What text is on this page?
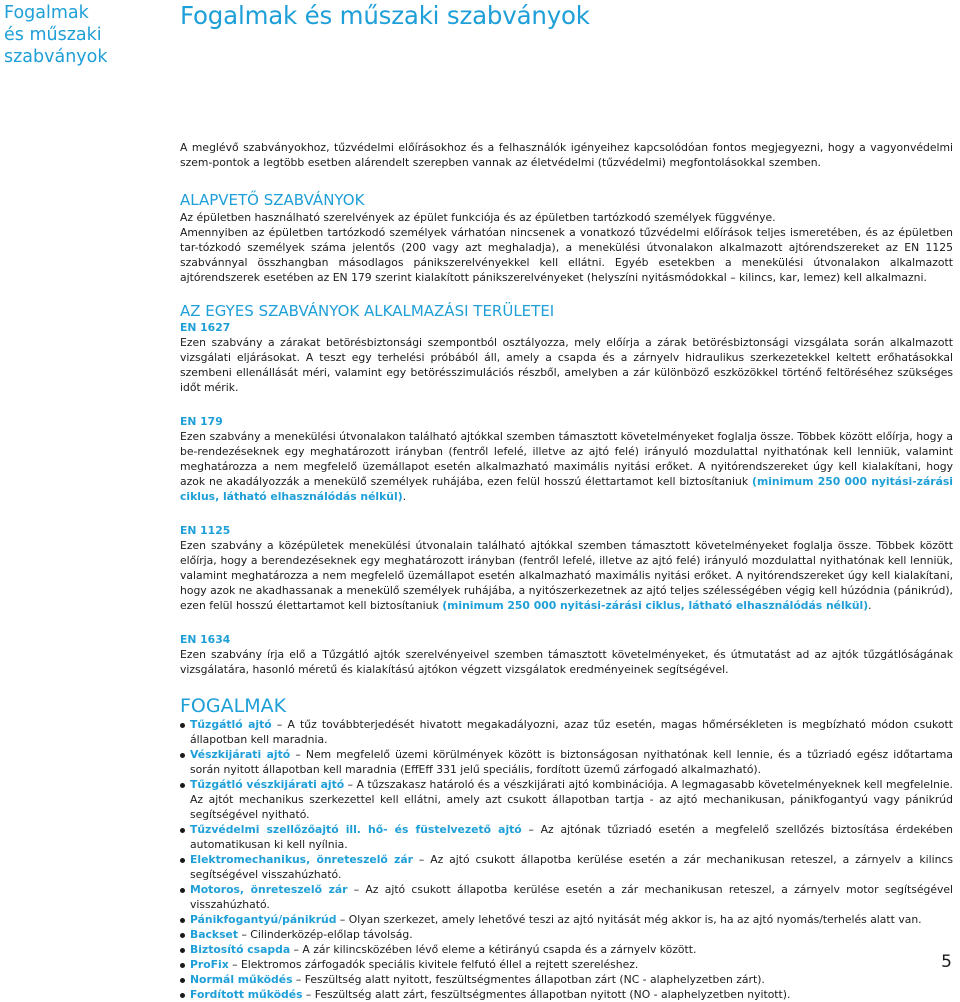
Fogalmak
és műszaki
szabványok
Fogalmak és műszaki szabványok

A meglévő szabványokhoz, tűzvédelmi előírásokhoz és a felhasználók igényeihez kapcsolódóan fontos megjegyezni, hogy a vagyonvédelmi szem-pontok a legtöbb esetben alárendelt szerepben vannak az életvédelmi (tűzvédelmi) megfontolásokkal szemben.

ALAPVETŐ SZABVÁNYOK

Az épületben használható szerelvények az épület funkciója és az épületben tartózkodó személyek függvénye.

Amennyiben az épületben tartózkodó személyek várhatóan nincsenek a vonatkozó tűzvédelmi előírások teljes ismeretében, és az épületben tar-tózkodó személyek száma jelentős (200 vagy azt meghaladja), a menekülési útvonalakon alkalmazott ajtórendszereket az EN 1125 szabvánnyal összhangban másodlagos pánikszerelvényekkel kell ellátni. Egyéb esetekben a menekülési útvonalakon alkalmazott ajtórendszerek esetében az EN 179 szerint kialakított pánikszerelvényeket (helyszíni nyitásmódokkal – kilincs, kar, lemez) kell alkalmazni.

AZ EGYES SZABVÁNYOK ALKALMAZÁSI TERÜLETEI
EN 1627

Ezen szabvány a zárakat betörésbiztonsági szempontból osztályozza, mely előírja a zárak betörésbiztonsági vizsgálata során alkalmazott vizsgálati eljárásokat. A teszt egy terhelési próbából áll, amely a csapda és a zárnyelv hidraulikus szerkezetekkel keltett erőhatásokkal szembeni ellenállását méri, valamint egy betörésszimulációs részből, amelyben a zár különböző eszközökkel történő feltöréséhez szükséges időt mérik.

EN 179

Ezen szabvány a menekülési útvonalakon található ajtókkal szemben támasztott követelményeket foglalja össze. Többek között előírja, hogy a be-rendezéseknek egy meghatározott irányban (fentről lefelé, illetve az ajtó felé) irányuló mozdulattal nyithatónak kell lenniük, valamint meghatározza a nem megfelelő üzemállapot esetén alkalmazható maximális nyitási erőket. A nyitórendszereket úgy kell kialakítani, hogy azok ne akadályozzák a menekülő személyek ruhájába, ezen felül hosszú élettartamot kell biztosítaniuk (minimum 250 000 nyitási-zárási ciklus, látható elhasználódás nélkül).

EN 1125

Ezen szabvány a középületek menekülési útvonalain található ajtókkal szemben támasztott követelményeket foglalja össze. Többek között előírja, hogy a berendezéseknek egy meghatározott irányban (fentről lefelé, illetve az ajtó felé) irányuló mozdulattal nyithatónak kell lenniük, valamint meghatározza a nem megfelelő üzemállapot esetén alkalmazható maximális nyitási erőket. A nyitórendszereket úgy kell kialakítani, hogy azok ne akadhassanak a menekülő személyek ruhájába, a nyitószerkezetnek az ajtó teljes szélességében végig kell húzódnia (pánikrúd), ezen felül hosszú élettartamot kell biztosítaniuk (minimum 250 000 nyitási-zárási ciklus, látható elhasználódás nélkül).

EN 1634

Ezen szabvány írja elő a Tűzgátló ajtók szerelvényeivel szemben támasztott követelményeket, és útmutatást ad az ajtók tűzgátlóságának vizsgálatára, hasonló méretű és kialakítású ajtókon végzett vizsgálatok eredményeinek segítségével.

FOGALMAK
Tűzgátló ajtó – A tűz továbbterjedését hivatott megakadályozni, azaz tűz esetén, magas hőmérsékleten is megbízható módon csukott állapotban kell maradnia.
Vészkijárati ajtó – Nem megfelelő üzemi körülmények között is biztonságosan nyithatónak kell lennie, és a tűzriadó egész időtartama során nyitott állapotban kell maradnia (EffEff 331 jelű speciális, fordított üzemű zárfogadó alkalmazható).
Tűzgátló vészkijárati ajtó – A tűzszakasz határoló és a vészkijárati ajtó kombinációja. A legmagasabb követelményeknek kell megfelelnie. Az ajtót mechanikus szerkezettel kell ellátni, amely azt csukott állapotban tartja - az ajtó mechanikusan, pánikfogantyú vagy pánikrúd segítségével nyitható.
Tűzvédelmi szellőzőajtó ill. hő- és füstelvezető ajtó – Az ajtónak tűzriadó esetén a megfelelő szellőzés biztosítása érdekében automatikusan ki kell nyílnia.
Elektromechanikus, önreteszelő zár – Az ajtó csukott állapotba kerülése esetén a zár mechanikusan reteszel, a zárnyelv a kilincs segítségével visszahúzható.
Motoros, önreteszelő zár – Az ajtó csukott állapotba kerülése esetén a zár mechanikusan reteszel, a zárnyelv motor segítségével visszahúzható.
Pánikfogantyú/pánikrúd – Olyan szerkezet, amely lehetővé teszi az ajtó nyitását még akkor is, ha az ajtó nyomás/terhelés alatt van.
Backset – Cilinderközép-előlap távolság.
Biztosító csapda – A zár kilincsközében lévő eleme a kétirányú csapda és a zárnyelv között.
ProFix – Elektromos zárfogadók speciális kivitele felfutó éllel a rejtett szereléshez.
Normál működés – Feszültség alatt nyitott, feszültségmentes állapotban zárt (NC - alaphelyzetben zárt).
Fordított működés – Feszültség alatt zárt, feszültségmentes állapotban nyitott (NO - alaphelyzetben nyitott).
5
